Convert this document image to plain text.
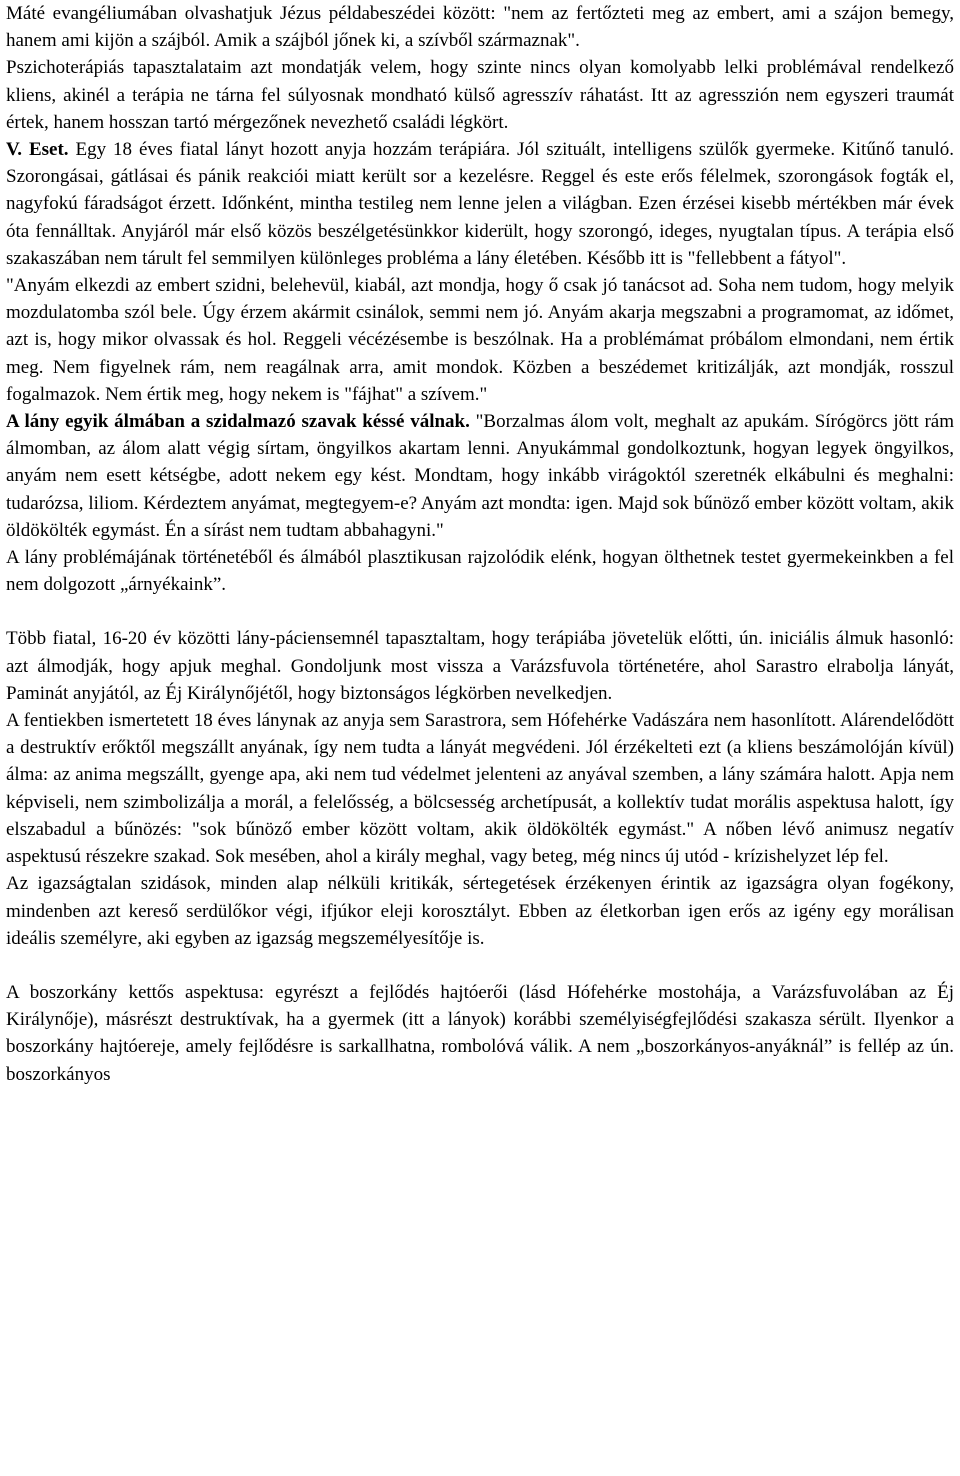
Máté evangéliumában olvashatjuk Jézus példabeszédei között: "nem az fertőzteti meg az embert, ami a szájon bemegy, hanem ami kijön a szájból. Amik a szájból jőnek ki, a szívből származnak".

Pszichoterápiás tapasztalataim azt mondatják velem, hogy szinte nincs olyan komolyabb lelki problémával rendelkező kliens, akinél a terápia ne tárna fel súlyosnak mondható külső agresszív ráhatást. Itt az agresszión nem egyszeri traumát értek, hanem hosszan tartó mérgezőnek nevezhető családi légkört.

V. Eset. Egy 18 éves fiatal lányt hozott anyja hozzám terápiára. Jól szituált, intelligens szülők gyermeke. Kitűnő tanuló. Szorongásai, gátlásai és pánik reakciói miatt került sor a kezelésre. Reggel és este erős félelmek, szorongások fogták el, nagyfokú fáradságot érzett. Időnként, mintha testileg nem lenne jelen a világban. Ezen érzései kisebb mértékben már évek óta fennálltak. Anyjáról már első közös beszélgetésünkkor kiderült, hogy szorongó, ideges, nyugtalan típus. A terápia első szakaszában nem tárult fel semmilyen különleges probléma a lány életében. Később itt is "fellebbent a fátyol".

"Anyám elkezdi az embert szidni, belehevül, kiabál, azt mondja, hogy ő csak jó tanácsot ad. Soha nem tudom, hogy melyik mozdulatomba szól bele. Úgy érzem akármit csinálok, semmi nem jó. Anyám akarja megszabni a programomat, az időmet, azt is, hogy mikor olvassak és hol. Reggeli vécézésembe is beszólnak. Ha a problémámat próbálom elmondani, nem értik meg. Nem figyelnek rám, nem reagálnak arra, amit mondok. Közben a beszédemet kritizálják, azt mondják, rosszul fogalmazok. Nem értik meg, hogy nekem is "fájhat" a szívem."

A lány egyik álmában a szidalmazó szavak késsé válnak. "Borzalmas álom volt, meghalt az apukám. Sírógörcs jött rám álmomban, az álom alatt végig sírtam, öngyilkos akartam lenni. Anyukámmal gondolkoztunk, hogyan legyek öngyilkos, anyám nem esett kétségbe, adott nekem egy kést. Mondtam, hogy inkább virágoktól szeretnék elkábulni és meghalni: tudarózsa, liliom. Kérdeztem anyámat, megtegyem-e? Anyám azt mondta: igen. Majd sok bűnöző ember között voltam, akik öldökölték egymást. Én a sírást nem tudtam abbahagyni."

A lány problémájának történetéből és álmából plasztikusan rajzolódik elénk, hogyan ölthetnek testet gyermekeinkben a fel nem dolgozott „árnyékaink”.

Több fiatal, 16-20 év közötti lány-páciensemnél tapasztaltam, hogy terápiába jövetelük előtti, ún. iniciális álmuk hasonló: azt álmodják, hogy apjuk meghal. Gondoljunk most vissza a Varázsfuvola történetére, ahol Sarastro elrabolja lányát, Paminát anyjától, az Éj Királynőjétől, hogy biztonságos légkörben nevelkedjen.

A fentiekben ismertetett 18 éves lánynak az anyja sem Sarastrora, sem Hófehérke Vadászára nem hasonlított. Alárendelődött a destruktív erőktől megszállt anyának, így nem tudta a lányát megvédeni. Jól érzékelteti ezt (a kliens beszámolóján kívül) álma: az anima megszállt, gyenge apa, aki nem tud védelmet jelenteni az anyával szemben, a lány számára halott. Apja nem képviseli, nem szimbolizálja a morál, a felelősség, a bölcsesség archetípusát, a kollektív tudat morális aspektusa halott, így elszabadul a bűnözés: "sok bűnöző ember között voltam, akik öldökölték egymást." A nőben lévő animusz negatív aspektusú részekre szakad. Sok mesében, ahol a király meghal, vagy beteg, még nincs új utód - krízishelyzet lép fel.

Az igazságtalan szidások, minden alap nélküli kritikák, sértegetések érzékenyen érintik az igazságra olyan fogékony, mindenben azt kereső serdülőkor végi, ifjúkor eleji korosztályt. Ebben az életkorban igen erős az igény egy morálisan ideális személyre, aki egyben az igazság megszemélyesítője is.

A boszorkány kettős aspektusa: egyrészt a fejlődés hajtóerői (lásd Hófehérke mostohája, a Varázsfuvolában az Éj Királynője), másrészt destruktívak, ha a gyermek (itt a lányok) korábbi személyiségfejlődési szakasza sérült. Ilyenkor a boszorkány hajtóereje, amely fejlődésre is sarkallhatna, rombolóvá válik. A nem „boszorkányos-anyáknál” is fellép az ún. boszorkányos
